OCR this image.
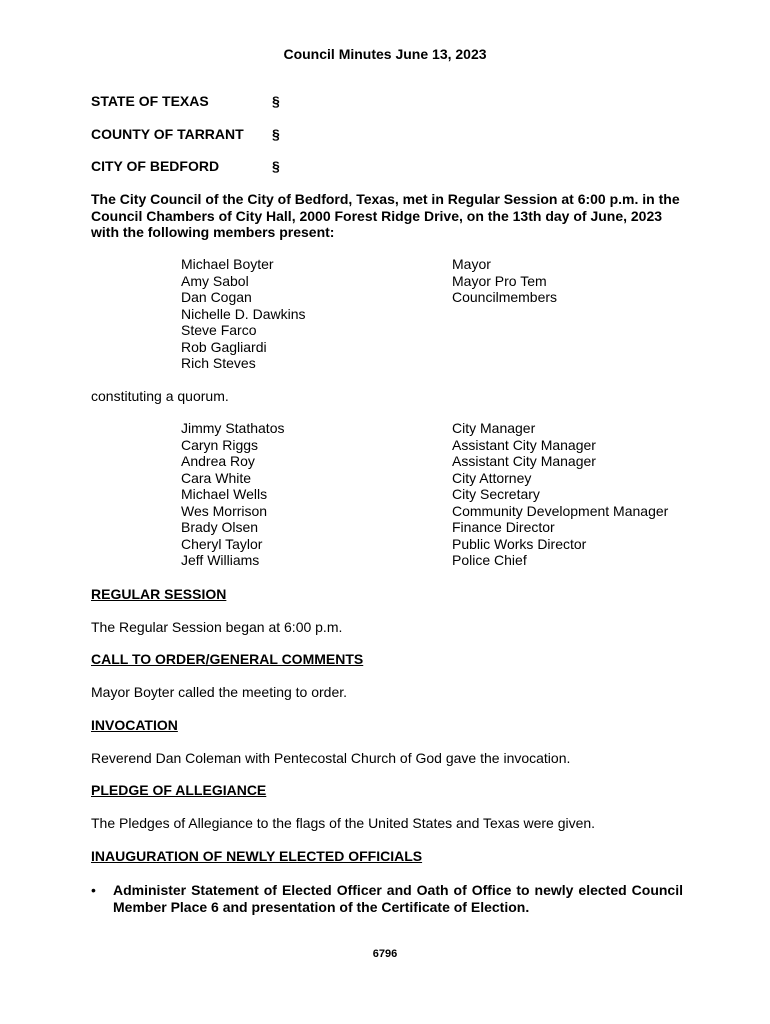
Council Minutes June 13, 2023
STATE OF TEXAS	§
COUNTY OF TARRANT §
CITY OF BEDFORD	§
The City Council of the City of Bedford, Texas, met in Regular Session at 6:00 p.m. in the Council Chambers of City Hall, 2000 Forest Ridge Drive, on the 13th day of June, 2023 with the following members present:
Michael Boyter
Amy Sabol
Dan Cogan
Nichelle D. Dawkins
Steve Farco
Rob Gagliardi
Rich Steves
Mayor
Mayor Pro Tem
Councilmembers
constituting a quorum.
Jimmy Stathatos
Caryn Riggs
Andrea Roy
Cara White
Michael Wells
Wes Morrison
Brady Olsen
Cheryl Taylor
Jeff Williams
City Manager
Assistant City Manager
Assistant City Manager
City Attorney
City Secretary
Community Development Manager
Finance Director
Public Works Director
Police Chief
REGULAR SESSION
The Regular Session began at 6:00 p.m.
CALL TO ORDER/GENERAL COMMENTS
Mayor Boyter called the meeting to order.
INVOCATION
Reverend Dan Coleman with Pentecostal Church of God gave the invocation.
PLEDGE OF ALLEGIANCE
The Pledges of Allegiance to the flags of the United States and Texas were given.
INAUGURATION OF NEWLY ELECTED OFFICIALS
• Administer Statement of Elected Officer and Oath of Office to newly elected Council Member Place 6 and presentation of the Certificate of Election.
6796
